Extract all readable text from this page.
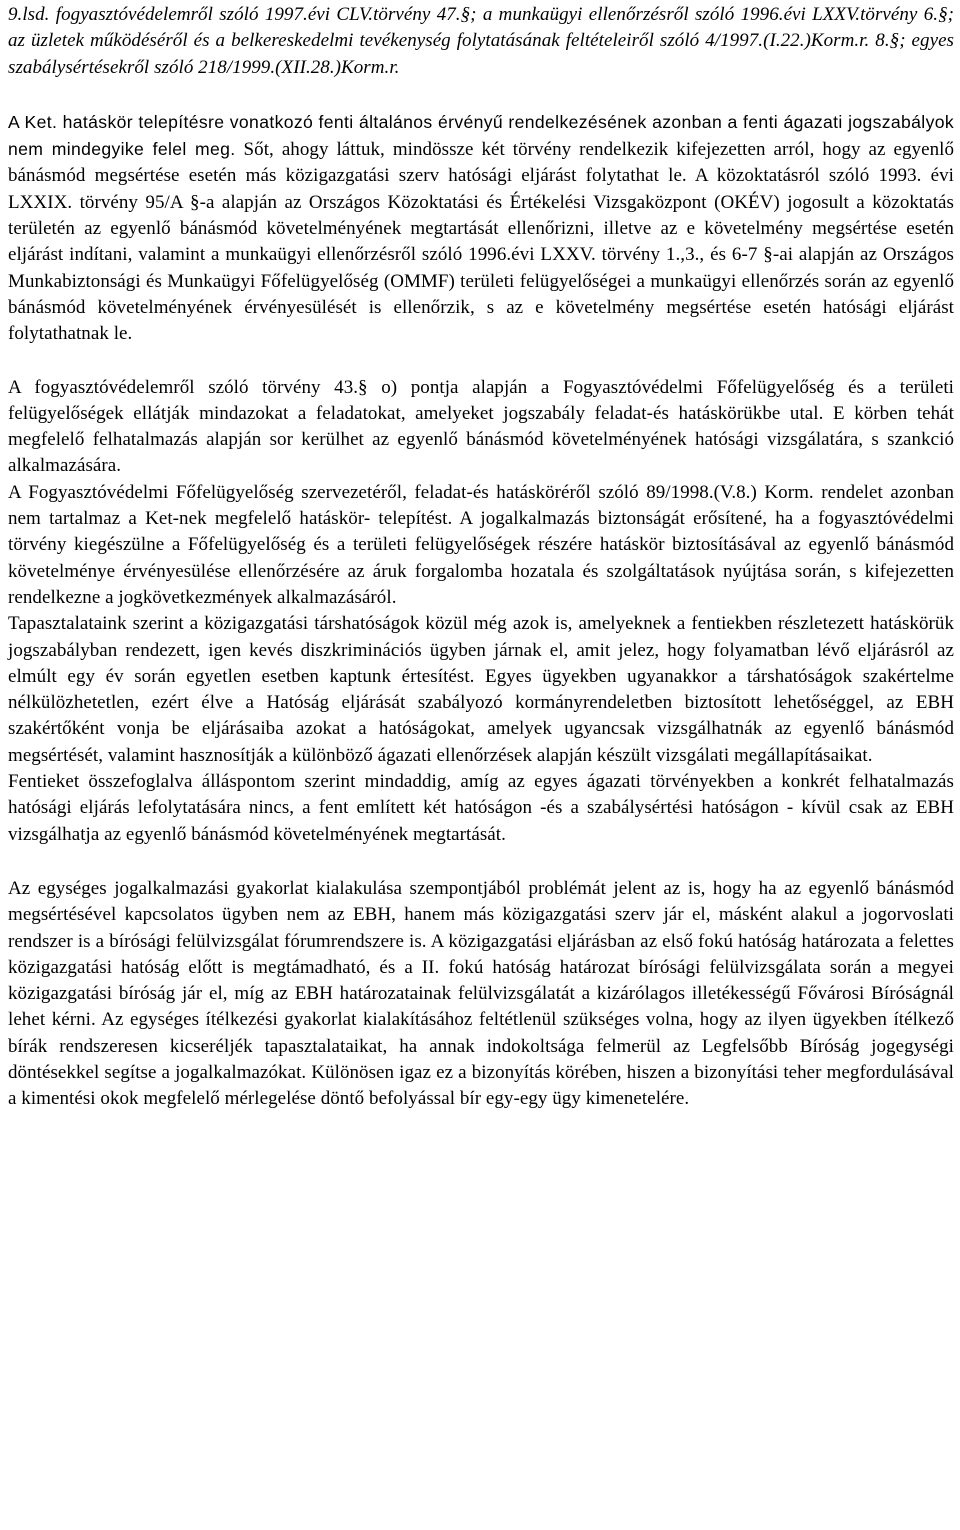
9.lsd. fogyasztóvédelemről szóló 1997.évi CLV.törvény 47.§; a munkaügyi ellenőrzésről szóló 1996.évi LXXV.törvény 6.§; az üzletek működéséről és a belkereskedelmi tevékenység folytatásának feltételeiről szóló 4/1997.(I.22.)Korm.r. 8.§; egyes szabálysértésekről szóló 218/1999.(XII.28.)Korm.r.

A Ket. hatáskör telepítésre vonatkozó fenti általános érvényű rendelkezésének azonban a fenti ágazati jogszabályok nem mindegyike felel meg. Sőt, ahogy láttuk, mindössze két törvény rendelkezik kifejezetten arról, hogy az egyenlő bánásmód megsértése esetén más közigazgatási szerv hatósági eljárást folytathat le. A közoktatásról szóló 1993. évi LXXIX. törvény 95/A §-a alapján az Országos Közoktatási és Értékelési Vizsgaközpont (OKÉV) jogosult a közoktatás területén az egyenlő bánásmód követelményének megtartását ellenőrizni, illetve az e követelmény megsértése esetén eljárást indítani, valamint a munkaügyi ellenőrzésről szóló 1996.évi LXXV. törvény 1.,3., és 6-7 §-ai alapján az Országos Munkabiztonsági és Munkaügyi Főfelügyelőség (OMMF) területi felügyelőségei a munkaügyi ellenőrzés során az egyenlő bánásmód követelményének érvényesülését is ellenőrzik, s az e követelmény megsértése esetén hatósági eljárást folytathatnak le.

A fogyasztóvédelemről szóló törvény 43.§ o) pontja alapján a Fogyasztóvédelmi Főfelügyelőség és a területi felügyelőségek ellátják mindazokat a feladatokat, amelyeket jogszabály feladat-és hatáskörükbe utal. E körben tehát megfelelő felhatalmazás alapján sor kerülhet az egyenlő bánásmód követelményének hatósági vizsgálatára, s szankció alkalmazására.

A Fogyasztóvédelmi Főfelügyelőség szervezetéről, feladat-és hatásköréről szóló 89/1998.(V.8.) Korm. rendelet azonban nem tartalmaz a Ket-nek megfelelő hatáskör- telepítést. A jogalkalmazás biztonságát erősítené, ha a fogyasztóvédelmi törvény kiegészülne a Főfelügyelőség és a területi felügyelőségek részére hatáskör biztosításával az egyenlő bánásmód követelménye érvényesülése ellenőrzésére az áruk forgalomba hozatala és szolgáltatások nyújtása során, s kifejezetten rendelkezne a jogkövetkezmények alkalmazásáról.

Tapasztalataink szerint a közigazgatási társhatóságok közül még azok is, amelyeknek a fentiekben részletezett hatáskörük jogszabályban rendezett, igen kevés diszkriminációs ügyben járnak el, amit jelez, hogy folyamatban lévő eljárásról az elmúlt egy év során egyetlen esetben kaptunk értesítést. Egyes ügyekben ugyanakkor a társhatóságok szakértelme nélkülözhetetlen, ezért élve a Hatóság eljárását szabályozó kormányrendeletben biztosított lehetőséggel, az EBH szakértőként vonja be eljárásaiba azokat a hatóságokat, amelyek ugyancsak vizsgálhatnák az egyenlő bánásmód megsértését, valamint hasznosítják a különböző ágazati ellenőrzések alapján készült vizsgálati megállapításaikat.

Fentieket összefoglalva álláspontom szerint mindaddig, amíg az egyes ágazati törvényekben a konkrét felhatalmazás hatósági eljárás lefolytatására nincs, a fent említett két hatóságon -és a szabálysértési hatóságon - kívül csak az EBH vizsgálhatja az egyenlő bánásmód követelményének megtartását.

Az egységes jogalkalmazási gyakorlat kialakulása szempontjából problémát jelent az is, hogy ha az egyenlő bánásmód megsértésével kapcsolatos ügyben nem az EBH, hanem más közigazgatási szerv jár el, másként alakul a jogorvoslati rendszer is a bírósági felülvizsgálat fórumrendszere is. A közigazgatási eljárásban az első fokú hatóság határozata a felettes közigazgatási hatóság előtt is megtámadható, és a II. fokú hatóság határozat bírósági felülvizsgálata során a megyei közigazgatási bíróság jár el, míg az EBH határozatainak felülvizsgálatát a kizárólagos illetékességű Fővárosi Bíróságnál lehet kérni. Az egységes ítélkezési gyakorlat kialakításához feltétlenül szükséges volna, hogy az ilyen ügyekben ítélkező bírák rendszeresen kicseréljék tapasztalataikat, ha annak indokoltsága felmerül az Legfelsőbb Bíróság jogegységi döntésekkel segítse a jogalkalmazókat. Különösen igaz ez a bizonyítás körében, hiszen a bizonyítási teher megfordulásával a kimentési okok megfelelő mérlegelése döntő befolyással bír egy-egy ügy kimenetelére.
